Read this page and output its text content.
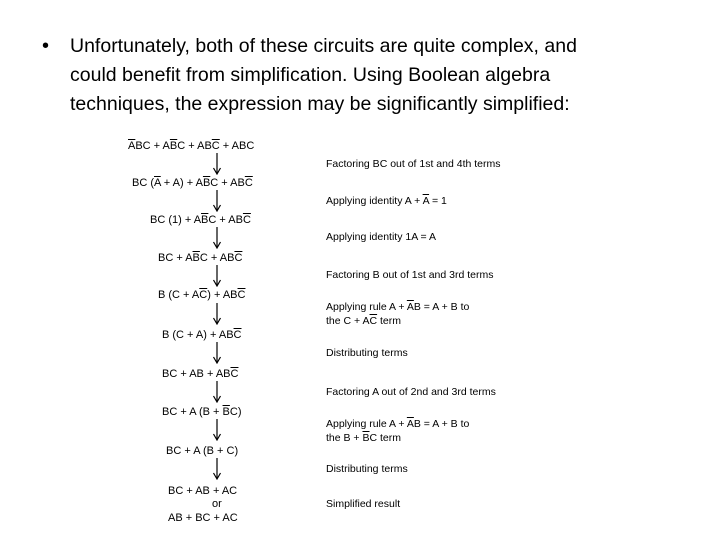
• Unfortunately, both of these circuits are quite complex, and
could benefit from simplification. Using Boolean algebra
techniques, the expression may be significantly simplified:
$\overline{A}BC + A\overline{B}C + AB\overline{C}$ + ABC
BC $(\overline{A} + A) + A\overline{B}C + AB\overline{C}$
BC $(1) + A\overline{B}C + AB\overline{C}$
BC + $A\overline{B}C + AB\overline{C}$
B $(C + A\overline{C}) + AB\overline{C}$
B $(C + A) + AB\overline{C}$
BC + AB + $AB\overline{C}$
BC + A $(B + \overline{B}C)$
BC + A (B + C)
BC + AB + AC
or
AB + BC + AC
Factoring BC out of 1st and 4th terms
Applying identity $A + \overline{A} = 1$
Applying identity 1A = A
Factoring B out of 1st and 3rd terms
Applying rule $A + \overline{A}B = A + B$ to
the $C + A\overline{C}$ term
Distributing terms
Factoring A out of 2nd and 3rd terms
Applying rule $A + \overline{A}B = A + B$ to
the $B + \overline{B}C$ term
Distributing terms
Simplified result
